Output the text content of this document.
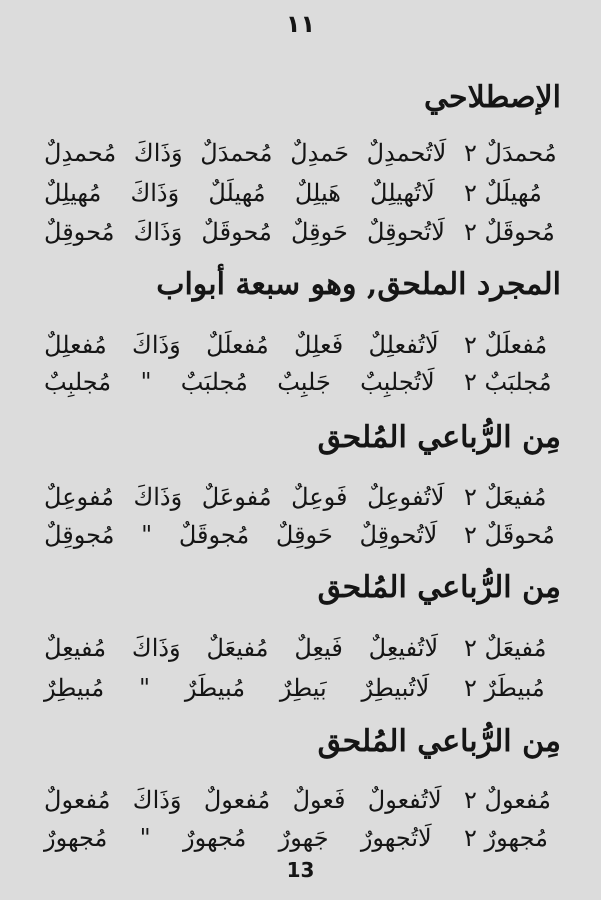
١١
الإصطلاحي
مُحمدِلٌ وَذَاكَ مُحمدَلٌ حَمدِلٌ لَاتُحمدِلٌ مُحمدَلٌ ٢
مُهيلِلٌ وَذَاكَ مُهيلَلٌ هَيلِلٌ لَاتُهيلِلٌ مُهيلَلٌ ٢
مُحوقِلٌ وَذَاكَ مُحوقَلٌ حَوقِلٌ لَاتُحوقِلٌ مُحوقَلٌ ٢
المجرد الملحق, وهو سبعة أبواب
مُفعلِلٌ وَذَاكَ مُفعلَلٌ فَعلِلٌ لَاتُفعلِلٌ مُفعلَلٌ ٢
مُجلبِبٌ " مُجلبَبٌ جَلبِبٌ لَاتُجلبِبٌ مُجلبَبٌ ٢
مِن الرُّباعي المُلحق
مُفوعِلٌ وَذَاكَ مُفوعَلٌ فَوعِلٌ لَاتُفوعِلٌ مُفيعَلٌ ٢
مُجوقِلٌ " مُجوقَلٌ حَوقِلٌ لَاتُحوقِلٌ مُحوقَلٌ ٢
مِن الرُّباعي المُلحق
مُفيعِلٌ وَذَاكَ مُفيعَلٌ فَيعِلٌ لَاتُفيعِلٌ مُفيعَلٌ ٢
مُبيطِرٌ " مُبيطَرٌ بَيطِرٌ لَاتُبيطِرٌ مُبيطَرٌ ٢
مِن الرُّباعي المُلحق
مُفعولٌ وَذَاكَ مُفعولٌ فَعولٌ لَاتُفعولٌ مُفعولٌ ٢
مُجهورٌ " مُجهورٌ جَهورٌ لَاتُجهورٌ مُجهورٌ ٢
13
